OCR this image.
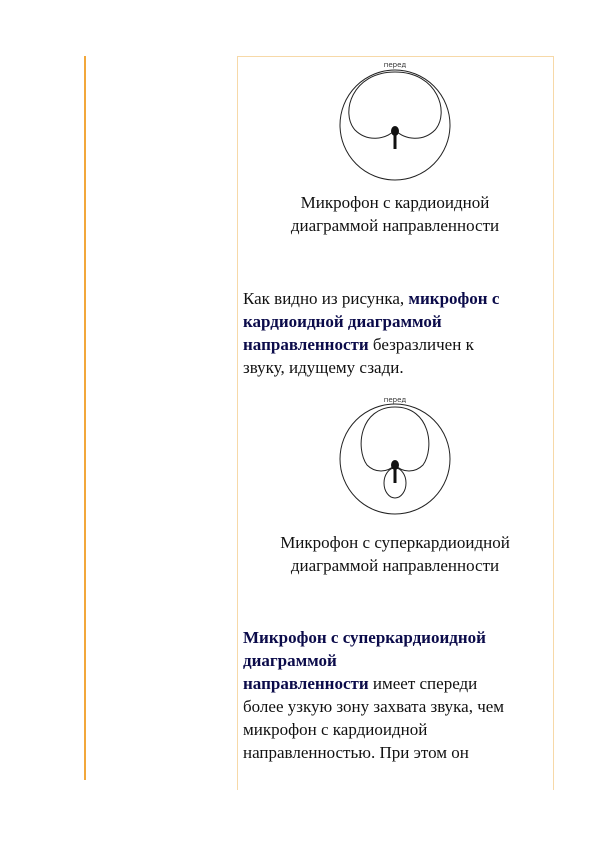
перед
Микрофон с кардиоидной
диаграммой направленности
Как видно из рисунка, микрофон с
кардиоидной диаграммой
направленности безразличен к
звуку, идущему сзади.
перед
Микрофон с суперкардиоидной
диаграммой направленности
Микрофон с суперкардиоидной
диаграммой
направленности имеет спереди
более узкую зону захвата звука, чем
микрофон с кардиоидной
направленностью. При этом он
